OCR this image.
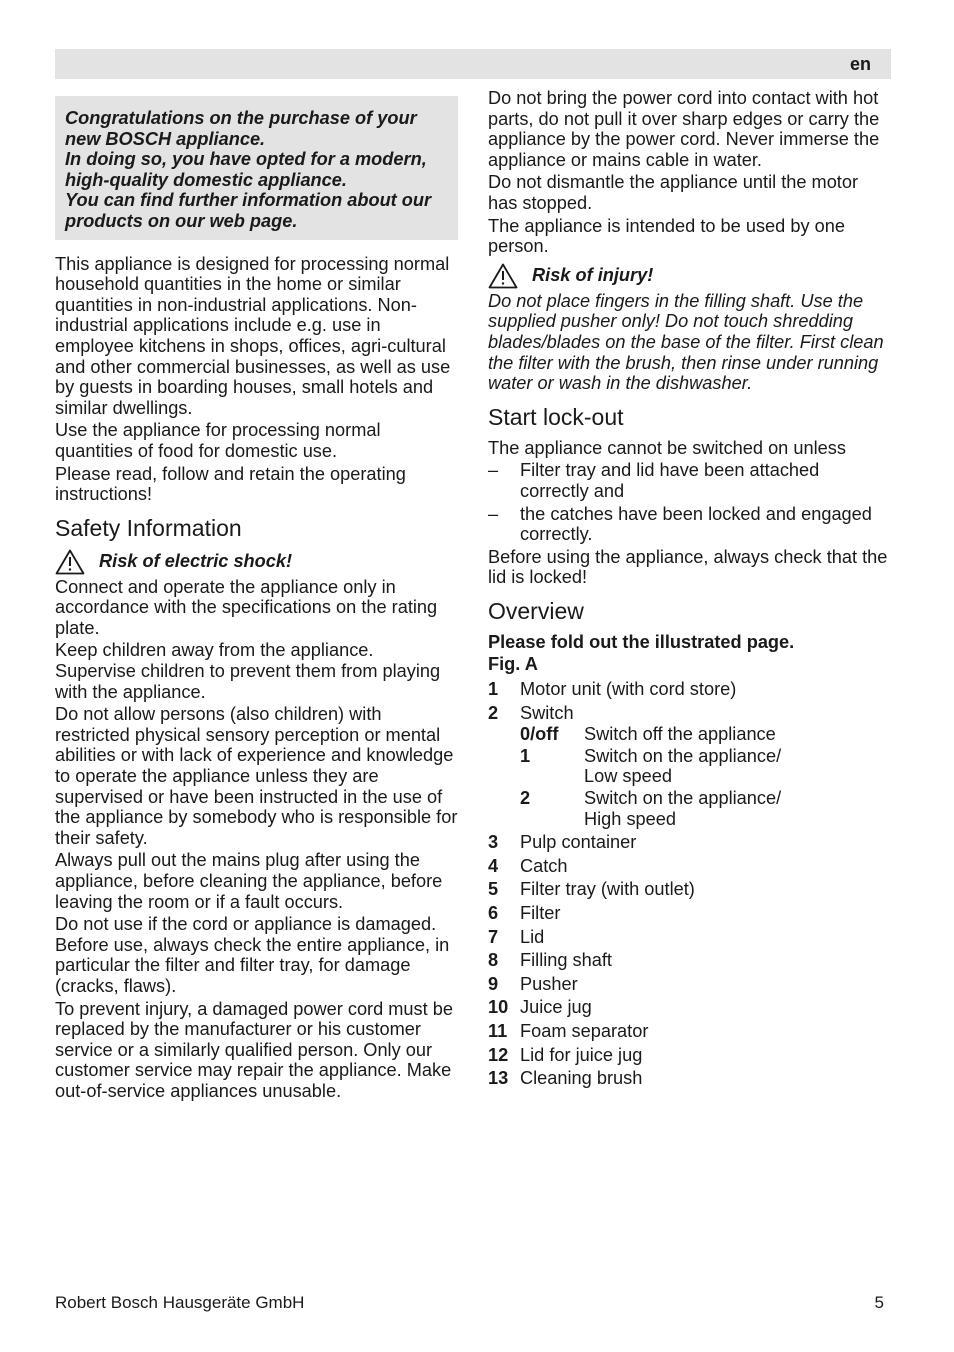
en
Congratulations on the purchase of your
new BOSCH appliance.
In doing so, you have opted for a modern,
high-quality domestic appliance.
You can find further information about our
products on our web page.

This appliance is designed for processing normal household quantities in the home or similar quantities in non-industrial applications. Non-industrial applications include e.g. use in employee kitchens in shops, offices, agri-cultural and other commercial businesses, as well as use by guests in boarding houses, small hotels and similar dwellings.

Use the appliance for processing normal quantities of food for domestic use.

Please read, follow and retain the operating instructions!

Safety Information
Risk of electric shock!

Connect and operate the appliance only in accordance with the specifications on the rating plate.

Keep children away from the appliance. Supervise children to prevent them from playing with the appliance.

Do not allow persons (also children) with restricted physical sensory perception or mental abilities or with lack of experience and knowledge to operate the appliance unless they are supervised or have been instructed in the use of the appliance by somebody who is responsible for their safety.

Always pull out the mains plug after using the appliance, before cleaning the appliance, before leaving the room or if a fault occurs.

Do not use if the cord or appliance is damaged. Before use, always check the entire appliance, in particular the filter and filter tray, for damage (cracks, flaws).

To prevent injury, a damaged power cord must be replaced by the manufacturer or his customer service or a similarly qualified person. Only our customer service may repair the appliance. Make out-of-service appliances unusable.

Do not bring the power cord into contact with hot parts, do not pull it over sharp edges or carry the appliance by the power cord. Never immerse the appliance or mains cable in water.

Do not dismantle the appliance until the motor has stopped.

The appliance is intended to be used by one person.

Risk of injury!

Do not place fingers in the filling shaft. Use the supplied pusher only! Do not touch shredding blades/blades on the base of the filter. First clean the filter with the brush, then rinse under running water or wash in the dishwasher.

Start lock-out

The appliance cannot be switched on unless

–	Filter tray and lid have been attached correctly and
–	the catches have been locked and engaged correctly.

Before using the appliance, always check that the lid is locked!

Overview

Please fold out the illustrated page.

Fig. A

1	Motor unit (with cord store)
2	Switch
0/off	Switch off the appliance
1	Switch on the appliance/ Low speed
2	Switch on the appliance/ High speed
3	Pulp container
4	Catch
5	Filter tray (with outlet)
6	Filter
7	Lid
8	Filling shaft
9	Pusher
10 Juice jug
11 Foam separator
12 Lid for juice jug
13 Cleaning brush
Robert Bosch Hausgeräte GmbH	5
